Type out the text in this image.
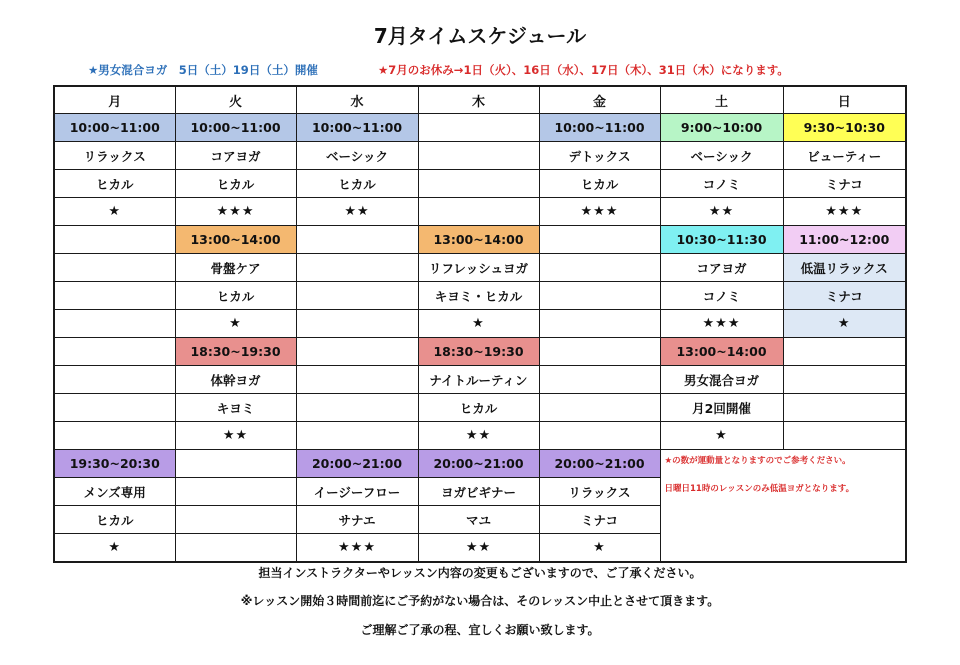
7月タイムスケジュール
★男女混合ヨガ　5日（土）19日（土）開催	★7月のお休み→1日（火）、16日（水）、17日（木）、31日（木）になります。
月	火	水	木	金	土	日
10:00~11:00	10:00~11:00	10:00~11:00		10:00~11:00	9:00~10:00	9:30~10:30
リラックス	コアヨガ	ベーシック		デトックス	ベーシック	ビューティー
ヒカル	ヒカル	ヒカル		ヒカル	コノミ	ミナコ
★	★★★	★★		★★★	★★	★★★
	13:00~14:00		13:00~14:00		10:30~11:30	11:00~12:00
	骨盤ケア		リフレッシュヨガ		コアヨガ	低温リラックス
	ヒカル		キヨミ・ヒカル		コノミ	ミナコ
	★		★		★★★	★
	18:30~19:30		18:30~19:30		13:00~14:00	
	体幹ヨガ		ナイトルーティン		男女混合ヨガ	
	キヨミ		ヒカル		月2回開催	
	★★		★★		★	
19:30~20:30		20:00~21:00	20:00~21:00	20:00~21:00	★の数が運動量となりますのでご参考ください。
日曜日11時のレッスンのみ低温ヨガとなります。	

メンズ専用		イージーフロー	ヨガビギナー	リラックス		
ヒカル		サナエ	マユ	ミナコ		
★		★★★	★★	★		
担当インストラクターやレッスン内容の変更もございますので、ご了承ください。
※レッスン開始３時間前迄にご予約がない場合は、そのレッスン中止とさせて頂きます。
ご理解ご了承の程、宜しくお願い致します。
